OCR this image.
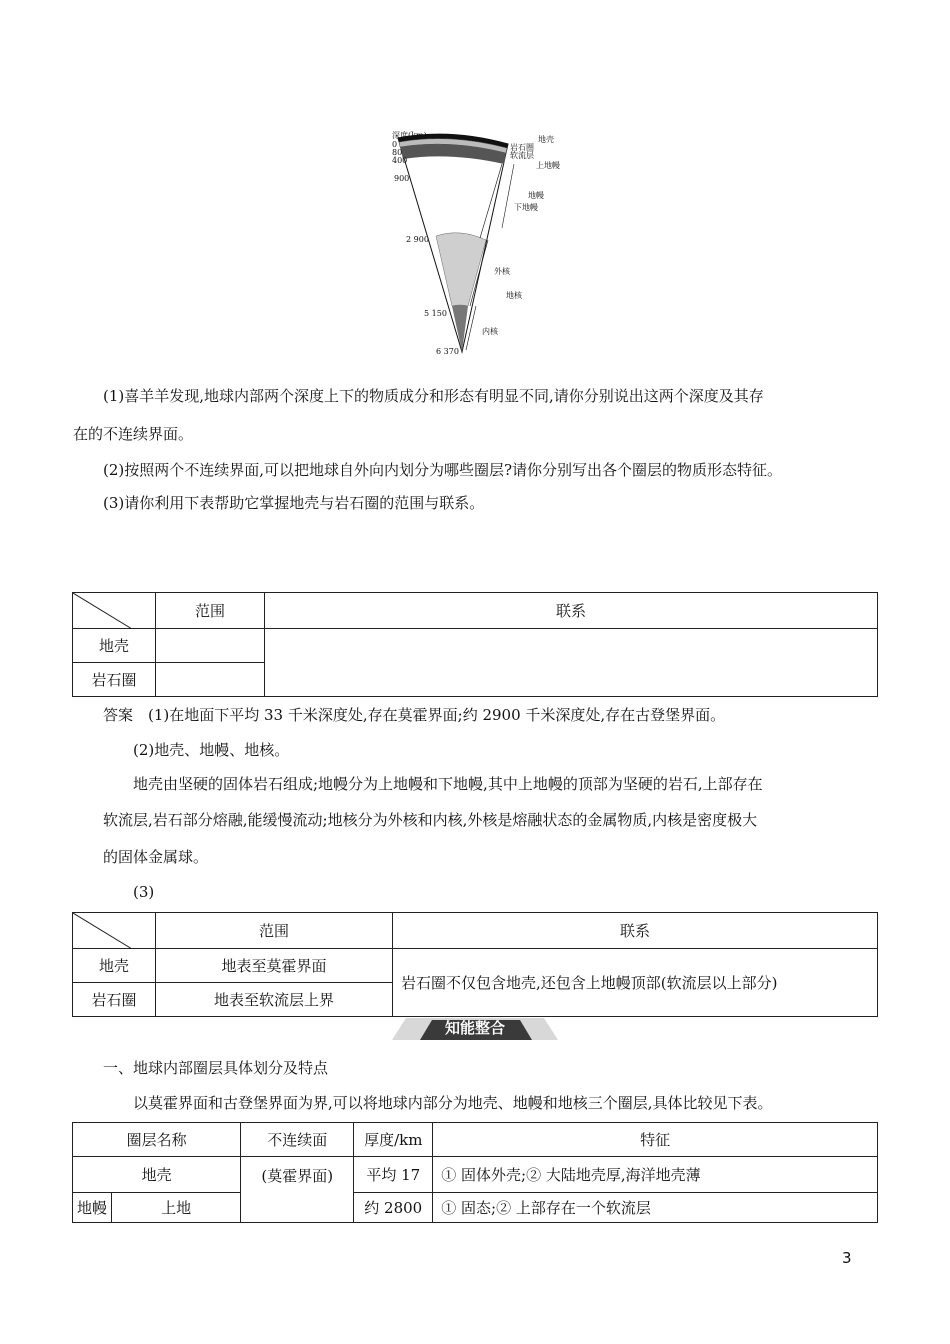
深度(km)
0
80
400
900
2 900
5 150
6 370
地壳
岩石圈
软流层
上地幔
下地幔
地幔
外核
地核
内核
(1)喜羊羊发现,地球内部两个深度上下的物质成分和形态有明显不同,请你分别说出这两个深度及其存
在的不连续界面。
(2)按照两个不连续界面,可以把地球自外向内划分为哪些圈层?请你分别写出各个圈层的物质形态特征。
(3)请你利用下表帮助它掌握地壳与岩石圈的范围与联系。
	范围	联系
地壳		
岩石圈		
答案　(1)在地面下平均 33 千米深度处,存在莫霍界面;约 2900 千米深度处,存在古登堡界面。
(2)地壳、地幔、地核。
地壳由坚硬的固体岩石组成;地幔分为上地幔和下地幔,其中上地幔的顶部为坚硬的岩石,上部存在
软流层,岩石部分熔融,能缓慢流动;地核分为外核和内核,外核是熔融状态的金属物质,内核是密度极大
的固体金属球。
(3)
	范围	联系
地壳	地表至莫霍界面	岩石圈不仅包含地壳,还包含上地幔顶部(软流层以上部分)
岩石圈	地表至软流层上界	
知能整合
一、地球内部圈层具体划分及特点
以莫霍界面和古登堡界面为界,可以将地球内部分为地壳、地幔和地核三个圈层,具体比较见下表。
圈层名称		不连续面	厚度/km	特征
地壳		(莫霍界面)	平均 17	① 固体外壳;② 大陆地壳厚,海洋地壳薄
地幔	上地		约 2800	① 固态;② 上部存在一个软流层
3
